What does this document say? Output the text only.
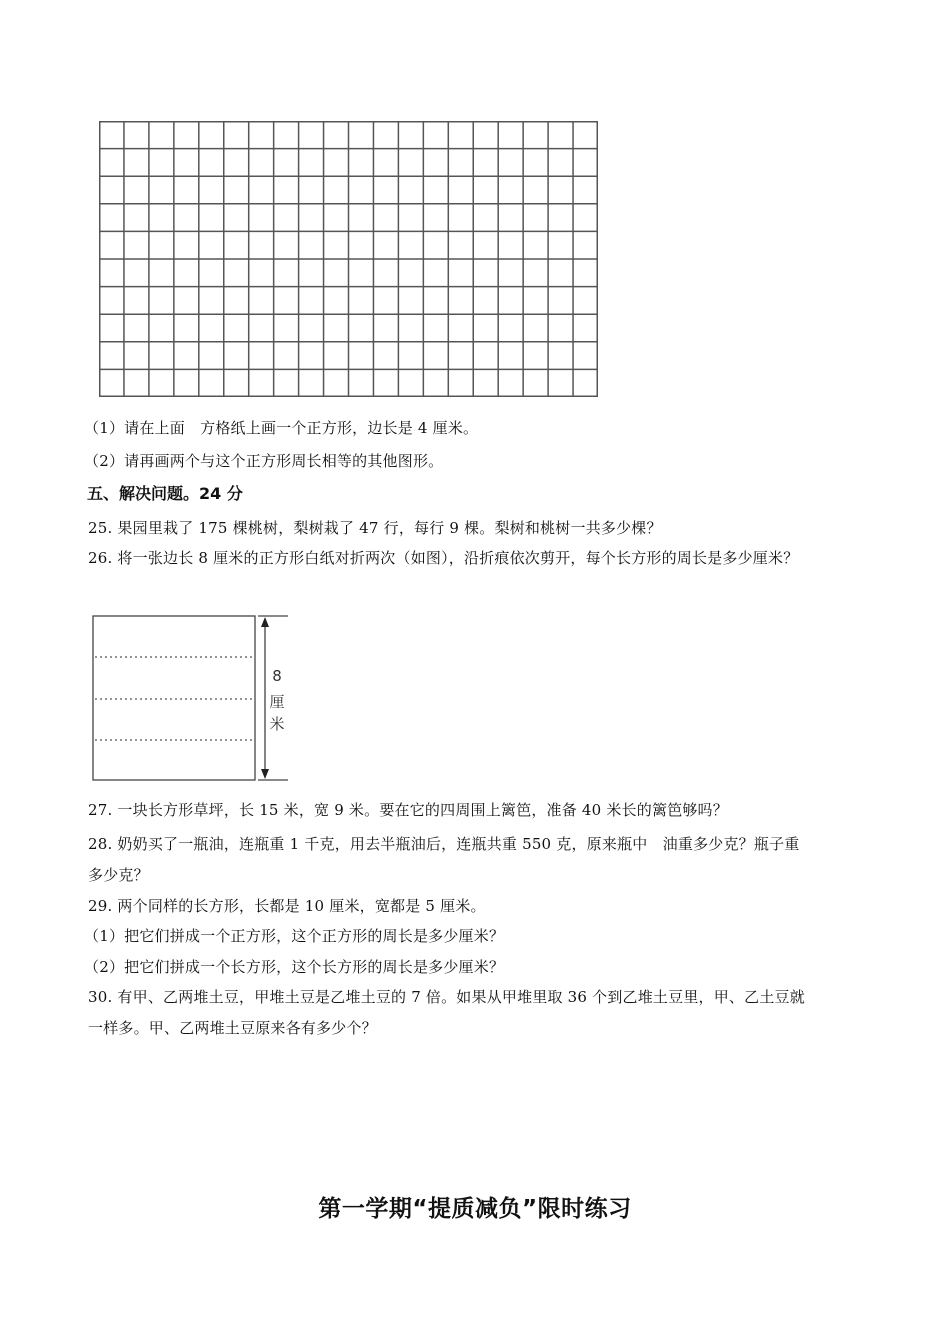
（1）请在上面　方格纸上画一个正方形，边长是 4 厘米。
（2）请再画两个与这个正方形周长相等的其他图形。
五、解决问题。24 分
25. 果园里栽了 175 棵桃树，梨树栽了 47 行，每行 9 棵。梨树和桃树一共多少棵？
26. 将一张边长 8 厘米的正方形白纸对折两次（如图），沿折痕依次剪开，每个长方形的周长是多少厘米？
8
厘
米
27. 一块长方形草坪，长 15 米，宽 9 米。要在它的四周围上篱笆，准备 40 米长的篱笆够吗？
28. 奶奶买了一瓶油，连瓶重 1 千克，用去半瓶油后，连瓶共重 550 克，原来瓶中　油重多少克？瓶子重
多少克？
29. 两个同样的长方形，长都是 10 厘米，宽都是 5 厘米。
（1）把它们拼成一个正方形，这个正方形的周长是多少厘米？
（2）把它们拼成一个长方形，这个长方形的周长是多少厘米？
30. 有甲、乙两堆土豆，甲堆土豆是乙堆土豆的 7 倍。如果从甲堆里取 36 个到乙堆土豆里，甲、乙土豆就
一样多。甲、乙两堆土豆原来各有多少个？
第一学期“提质减负”限时练习
